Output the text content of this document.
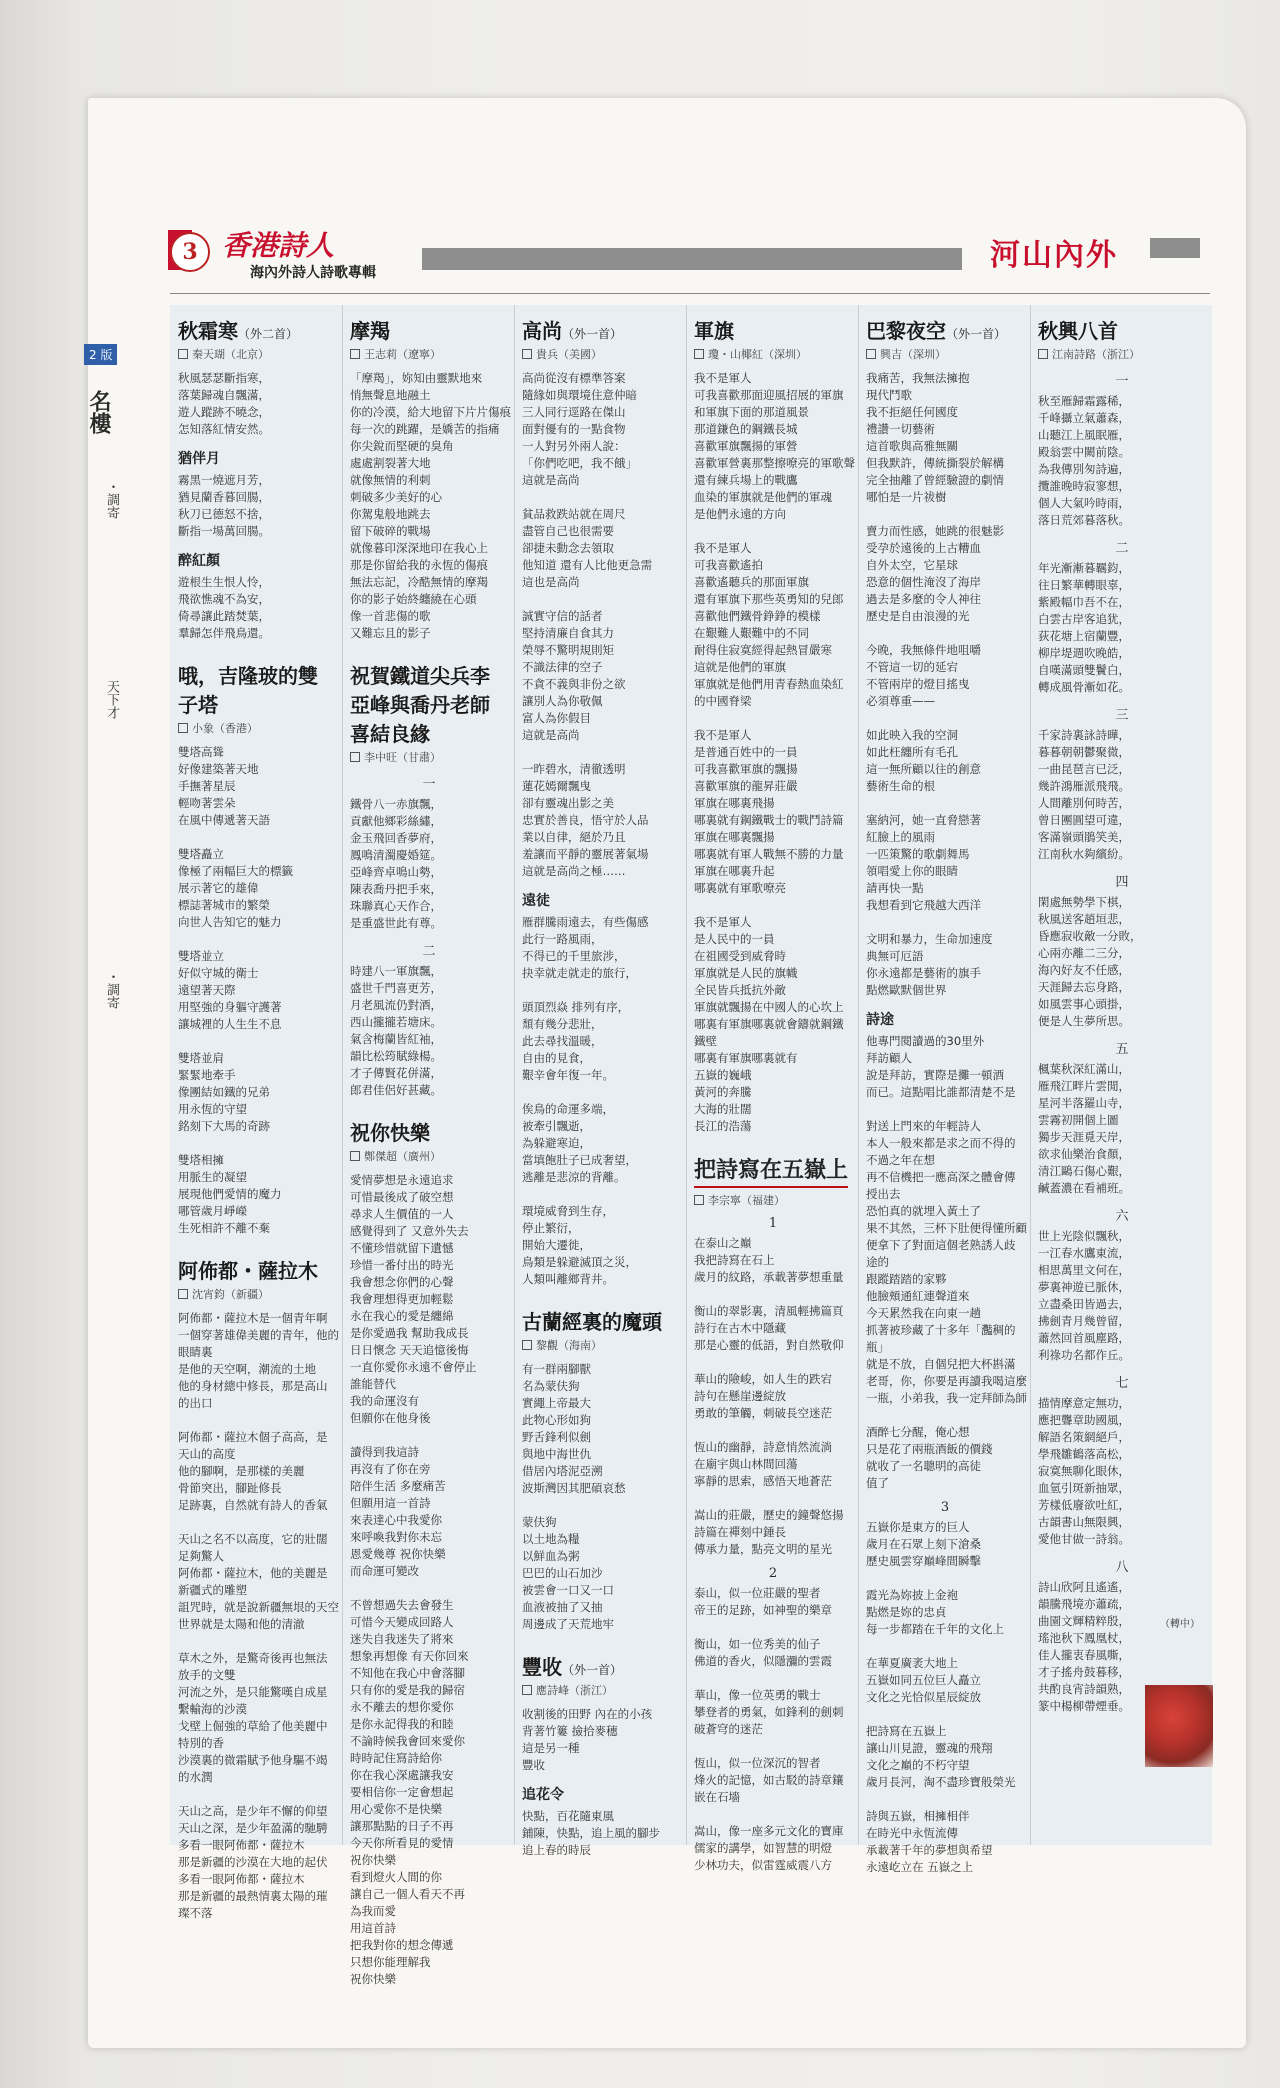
2 版
名樓
・調寄
天下才
・調寄
3 香港詩人
海內外詩人詩歌專輯	河山內外
秋霜寒（外二首）
秦天瑚（北京）
秋風瑟瑟斷指寒，
落葉歸魂自飄滿，
遊人蹤跡不曉念，
怎知落紅情安然。
猶伴月
霧黑一燒遮月芳，
猶見蘭香暮回腸，
秋刀已德怒不捨，
斷指一場萬回腸。
醉紅顏
遊根生生恨人怜，
飛欲憔魂不為安，
倚尋讓此踏焚葉，
羣歸怎伴飛鳥還。
哦，吉隆玻的雙子塔
小象（香港）
雙塔高聳
好像建築著天地
手撫著星辰
輕吻著雲朵
在風中傳遞著天語

雙塔矗立
像極了兩幅巨大的標籤
展示著它的雄偉
標誌著城市的繁榮
向世人告知它的魅力

雙塔並立
好似守城的衛士
遠望著天際
用堅強的身軀守護著
讓城裡的人生生不息

雙塔並肩
緊緊地牽手
像團結如鐵的兄弟
用永恆的守望
銘刻下大馬的奇跡

雙塔相擁
用脈生的凝望
展現他們愛情的魔力
哪管歲月崢嶸
生死相許不離不棄
阿佈都・薩拉木
沈宵鈞（新疆）
阿佈都・薩拉木是一個青年啊
一個穿著雄偉美麗的青年，他的
眼睛裏
是他的天空啊，潮流的土地
他的身材總中修長，那是高山
的出口

阿佈都・薩拉木個子高高，是
天山的高度
他的腳啊，是那樣的美麗
骨節突出，腳趾修長
足跡裏，自然就有詩人的香氣

天山之名不以高度，它的壯闊
足夠驚人
阿佈都・薩拉木，他的美麗是
新疆式的雕塑
詛咒時，就是說新疆無垠的天空
世界就是太陽和他的清澈

草木之外，是驚奇後再也無法
放手的文雙
河流之外，是只能驚嘆自成星
繫輸海的沙漠
戈壁上倔強的草給了他美麗中
特別的香
沙漠裏的微霜賦予他身驅不竭
的水潤

天山之高，是少年不懈的仰望
天山之深，是少年盈滿的馳騁
多看一眼阿佈都・薩拉木
那是新疆的沙漠在大地的起伏
多看一眼阿佈都・薩拉木
那是新疆的最熱情裏太陽的璀
璨不落
摩羯
王志莉（遼寧）
「摩羯」，妳知由靈默地來
悄無聲息地融土
你的冷漠，給大地留下片片傷痕
每一次的跳躍，是嬌苦的指痛
你尖銳而堅硬的臭角
處處割裂著大地
就像無情的利刺
刺破多少美好的心
你駕鬼般地跳去
留下破碎的戰場
就像暮印深深地印在我心上
那是你留給我的永恆的傷痕
無法忘記，冷酷無情的摩羯
你的影子始終纏繞在心頭
像一首悲傷的歌
又難忘且的影子
祝賀鐵道尖兵李亞峰與喬丹老師喜結良緣
李中旺（甘肅）
一
鐵骨八一赤旗飄，
貢獻他鄉彩絲繡，
金玉飛回香夢府，
鳳鳴清濁慶婚筵。
亞峰齊卓鳴山勢，
陳表喬丹把手來，
珠聯真心天作合，
是重盛世此有尊。
二
時建八一軍旗飄，
盛世千門喜更芳，
月老風流仍對酒，
西山攏攏若塘床。
氣含梅蘭皆紅袖，
韻比松筠賦綠楊。
才子傳賢花併滿，
郎君佳侶好甚藏。
祝你快樂
鄭傑超（廣州）
愛情夢想是永遠追求
可惜最後成了破空想
尋求人生價值的一人
感覺得到了 又意外失去
不懂珍惜就留下遺憾
珍惜一番付出的時光
我會想念你們的心聲
我會理想得更加輕鬆
永在我心的愛是纏綿
是你愛過我 幫助我成長
日日懷念 天天追憶後悔
一直你愛你永遠不會停止
誰能替代
我的命運沒有
但願你在他身後

讀得到我這詩
再沒有了你在旁
陪伴生活 多麼痛苦
但願用這一首詩
來表達心中我愛你
來呼喚我對你未忘
恩愛幾尊 祝你快樂
而命運可變改

不曾想過失去會發生
可惜今天變成回路人
迷失自我迷失了將來
想象再想像 有天你回來
不知他在我心中會落腳
只有你的愛是我的歸宿
永不離去的想你愛你
是你永記得我的和睦
不論時候我會回來愛你
時時記住寫詩給你
你在我心深處讓我安
要相信你一定會想起
用心愛你不是快樂
讓那點點的日子不再
今天你所看見的愛情
祝你快樂
看到燈火人間的你
讓自己一個人看天不再
為我而愛
用這首詩
把我對你的想念傳遞
只想你能理解我
祝你快樂
高尚（外一首）
貴兵（美國）
高尚從沒有標準答案
隨緣如與環境住意仲暗
三人同行逕路在傑山
面對優有的一點食物
一人對另外兩人說：
「你們吃吧，我不餓」
這就是高尚

貧品救跌站就在周尺
盡管自己也很需要
卻捷未動念去領取
他知道 還有人比他更急需
這也是高尚

誠實守信的話者
堅持清廉自食其力
榮辱不驚明規則矩
不識法律的空子
不貪不義與非份之欲
讓別人為你敬佩
富人為你假目
這就是高尚

一昨碧水，清徹透明
蓮花嫣爾飄曳
卻有靈魂出影之美
忠實於善良，悟守於人品
業以自律，絕於乃且
羞讓而平靜的靈展著氣場
這就是高尚之極……
遠徒
雁群騰雨遠去，有些傷感
此行一路風雨，
不得已的千里旅涉，
抉幸就走就走的旅行，

頭頂烈焱 排列有序，
頹有幾分悲壯，
此去尋找溫暖，
自由的見食，
艱辛會年復一年。

俟鳥的命運多端，
被牽引飄逝，
為躲避寒迫，
當填飽肚子已成奢望，
逃離是悲涼的背離。

環境威脅到生存，
停止繁衍，
開始大遷徙，
鳥類是躲避滅頂之災，
人類叫離鄉背井。
古蘭經裏的魔頭
黎觀（海南）
有一群兩腳獸
名為蒙伕狗
實繩上帝最大
此物心形如狗
野舌鋒利似劍
與地中海世仇
借居內塔泥亞溯
波斯灣因其肥碩哀愁

蒙伕狗
以土地為糧
以鮮血為粥
巴巴的山石加沙
被雲會一口又一口
血液被抽了又抽
周邊成了天荒地牢
豐收（外一首）
應詩峰（浙江）
收割後的田野 內在的小孩
背著竹簍 撿拾麥穗
這是另一種
豐收
追花令
快點，百花隨東風
鋪陳，快點，追上風的腳步
追上春的時辰
軍旗
瓊・山椰紅（深圳）
我不是軍人
可我喜歡那面迎風招展的軍旗
和軍旗下面的那道風景
那道鎌色的鋼鐵長城
喜歡軍旗飄揚的軍營
喜歡軍營裏那整擦嘹亮的軍歌聲
還有練兵場上的戰鷹
血染的軍旗就是他們的軍魂
是他們永遠的方向

我不是軍人
可我喜歡遙拍
喜歡遙聽兵的那面軍旗
還有軍旗下那些英勇知的兒郎
喜歡他們鐵骨錚錚的模樣
在艱難人艱難中的不同
耐得住寂寞經得起熱冒嚴寒
這就是他們的軍旗
軍旗就是他們用青春熱血染紅
的中國脊梁

我不是軍人
是普通百姓中的一員
可我喜歡軍旗的飄揚
喜歡軍旗的龍昇莊嚴
軍旗在哪裏飛揚
哪裏就有鋼鐵戰士的戰鬥詩篇
軍旗在哪裏飄揚
哪裏就有軍人戰無不勝的力量
軍旗在哪裏升起
哪裏就有軍歌嘹亮

我不是軍人
是人民中的一員
在祖國受到威脅時
軍旗就是人民的旗幟
全民皆兵抵抗外敵
軍旗就飄揚在中國人的心坎上
哪裏有軍旗哪裏就會鑄就鋼鐵
鐵壁
哪裏有軍旗哪裏就有
五嶽的巍峨
黃河的奔騰
大海的壯闊
長江的浩蕩
把詩寫在五嶽上

李宗寧（福建）
1
在泰山之巔
我把詩寫在石上
歲月的紋路，承載著夢想重量

衡山的翠影裏，清風輕拂篇頁
詩行在古木中隱藏
那是心靈的低語，對自然敬仰

華山的險峻，如人生的跌宕
詩句在懸崖邊綻放
勇敢的筆觸，刺破長空迷茫

恆山的幽靜，詩意悄然流淌
在廟宇與山林間回蕩
寧靜的思索，感悟天地蒼茫

嵩山的莊嚴，歷史的鐘聲悠揚
詩篇在禪刻中錘長
傳承力量，點亮文明的星光
2
泰山，似一位莊嚴的聖者
帝王的足跡，如神聖的樂章

衡山，如一位秀美的仙子
佛道的香火，似隱瀰的雲霞

華山，像一位英勇的戰士
攀登者的勇氣，如鋒利的劍刺
破蒼穹的迷茫

恆山，似一位深沉的智者
烽火的記憶，如古駁的詩章鑲
嵌在石墻

嵩山，像一座多元文化的寶庫
儒家的講學，如智慧的明燈
少林功夫，似雷霆威震八方
巴黎夜空（外一首）
興吉（深圳）
我痛苦，我無法擁抱
現代鬥歌
我不拒絕任何國度
禮讚一切藝術
這首歌與高雅無關
但我默許，傳統撕裂於解構
完全抽離了曾經驗證的劇情
哪怕是一片祓樹

賣力而性感，她跳的很魅影
受孕於遠後的上古糟血
自外太空，它星球
恐意的個性淹沒了海岸
過去是多麼的令人神往
歷史是自由浪漫的光

今晚，我無條件地咀嚼
不管這一切的延宕
不管兩岸的燈目搖曳
必須尊重——

如此映入我的空洞
如此枉纏所有毛孔
這一無所顧以往的創意
藝術生命的根

塞納河，她一直脅戀著
紅臉上的風雨
一匹策驚的歌劇舞馬
領唱愛上你的眼睛
請再快一點
我想看到它飛越大西洋

文明和暴力，生命加速度
典無可厄語
你永遠都是藝術的旗手
點燃歐默個世界
詩途
他專門閱讀過的30里外
拜訪顧人
說是拜訪，實際是攤一頓酒
而已。這點唱比誰都清楚不是

對送上門來的年輕詩人
本人一般來都是求之而不得的
不過之年在想
再不信機把一應高深之體會傳
授出去
恐怕真的就埋入黃土了
果不其然，三杯下肚便得懂所顧
便拿下了對面這個老熟誘人歧
途的
跟蹤踏踏的家夥
他臉頰通紅連聲道來
今天累然我在向東一趟
抓著被珍藏了十多年「灩稠的
瓶」
就是不放，自個兒把大杯斟滿
老哥，你，你要是再讀我喝這麼
一瓶，小弟我，我一定拜師為師

酒醉七分醒，俺心想
只是花了兩瓶酒飯的價錢
就收了一名聰明的高徒
值了
3
五嶽你是東方的巨人
歲月在石眾上刻下滄桑
歷史風雲穿巔峰間瞬擊

霞光為妳披上金袍
點燃是妳的忠貞
每一步都踏在千年的文化上

在華夏廣袤大地上
五嶽如同五位巨人矗立
文化之光恰似星辰綻放

把詩寫在五嶽上
讓山川見證，靈魂的飛翔
文化之巔的不朽守望
歲月長河，淘不盡珍寶般榮光

詩與五嶽，相擁相伴
在時光中永恆流傳
承載著千年的夢想與希望
永遠屹立在 五嶽之上
秋興八首
江南詩路（浙江）
一
秋至雁歸霜露稀，
千峰攝立氣蕭森，
山聽江上風眠雁，
殿翁雲中闕前陰。
為我傳別匆詩遍，
攬誰晚時寂寥想，
個人大氣吟時雨，
落日荒郊暮落秋。
二
年光漸漸暮羈鈞，
往日繁華轉眼辜，
紫殿幅巾吾不在，
白雲古岸客追犹，
荻花塘上宿蘭豐，
柳岸堤週吹晚皓，
自嘆滿頭雙鬢白，
轉成風骨漸如花。
三
千家詩裏詠詩曄，
暮暮朝朝鬱聚微，
一曲昆琶言已泛，
幾許鴻雁派飛飛。
人間離別何時苦，
曾日團圓望可違，
客滿嶺頭鵑笑美，
江南秋水夠繽紛。
四
閑處無勢學下棋，
秋風送客趙垣悲，
昏應寂收敵一分敗，
心兩亦離二三分，
海內好友不任感，
天涯歸去忘身路，
如風雲事心頭掛，
便是人生夢所思。
五
楓葉秋深紅滿山，
雁飛江畔片雲閒，
星河半落羅山寺，
雲霧初開個上圖
獨步天涯覓天岸，
欲求仙樂治食顏，
清江鷗石傷心艱，
鹹蓋濃在看補班。
六
世上光陰似飄秋，
一江春水鷹東流，
相思萬里文何在，
夢裏神遊已脈休，
立盡桑田皆過去，
拂劍青月幾曾留，
蕭然回首風塵路，
利祿功名都作丘。
七
描情摩意定無功，
應把聾章助國風，
解語名策網絕戶，
學飛雛鶴落高松，
寂寞無聊化眼休，
血氫引斑新抽眾，
芳樣低廢欲吐紅，
古韻書山無限興，
愛他甘做一詩翁。
八
詩山欣阿且遙遙，
韻騰飛境亦蕭疏，
曲園文輝精粹殷，
瑤池秋下鳳凰杖，
佳人攏衷春風嘶，
才子搖舟鼓暮移，
共酌良宵詩韻熟，
篆中楊柳帶煙垂。
（轉中）
